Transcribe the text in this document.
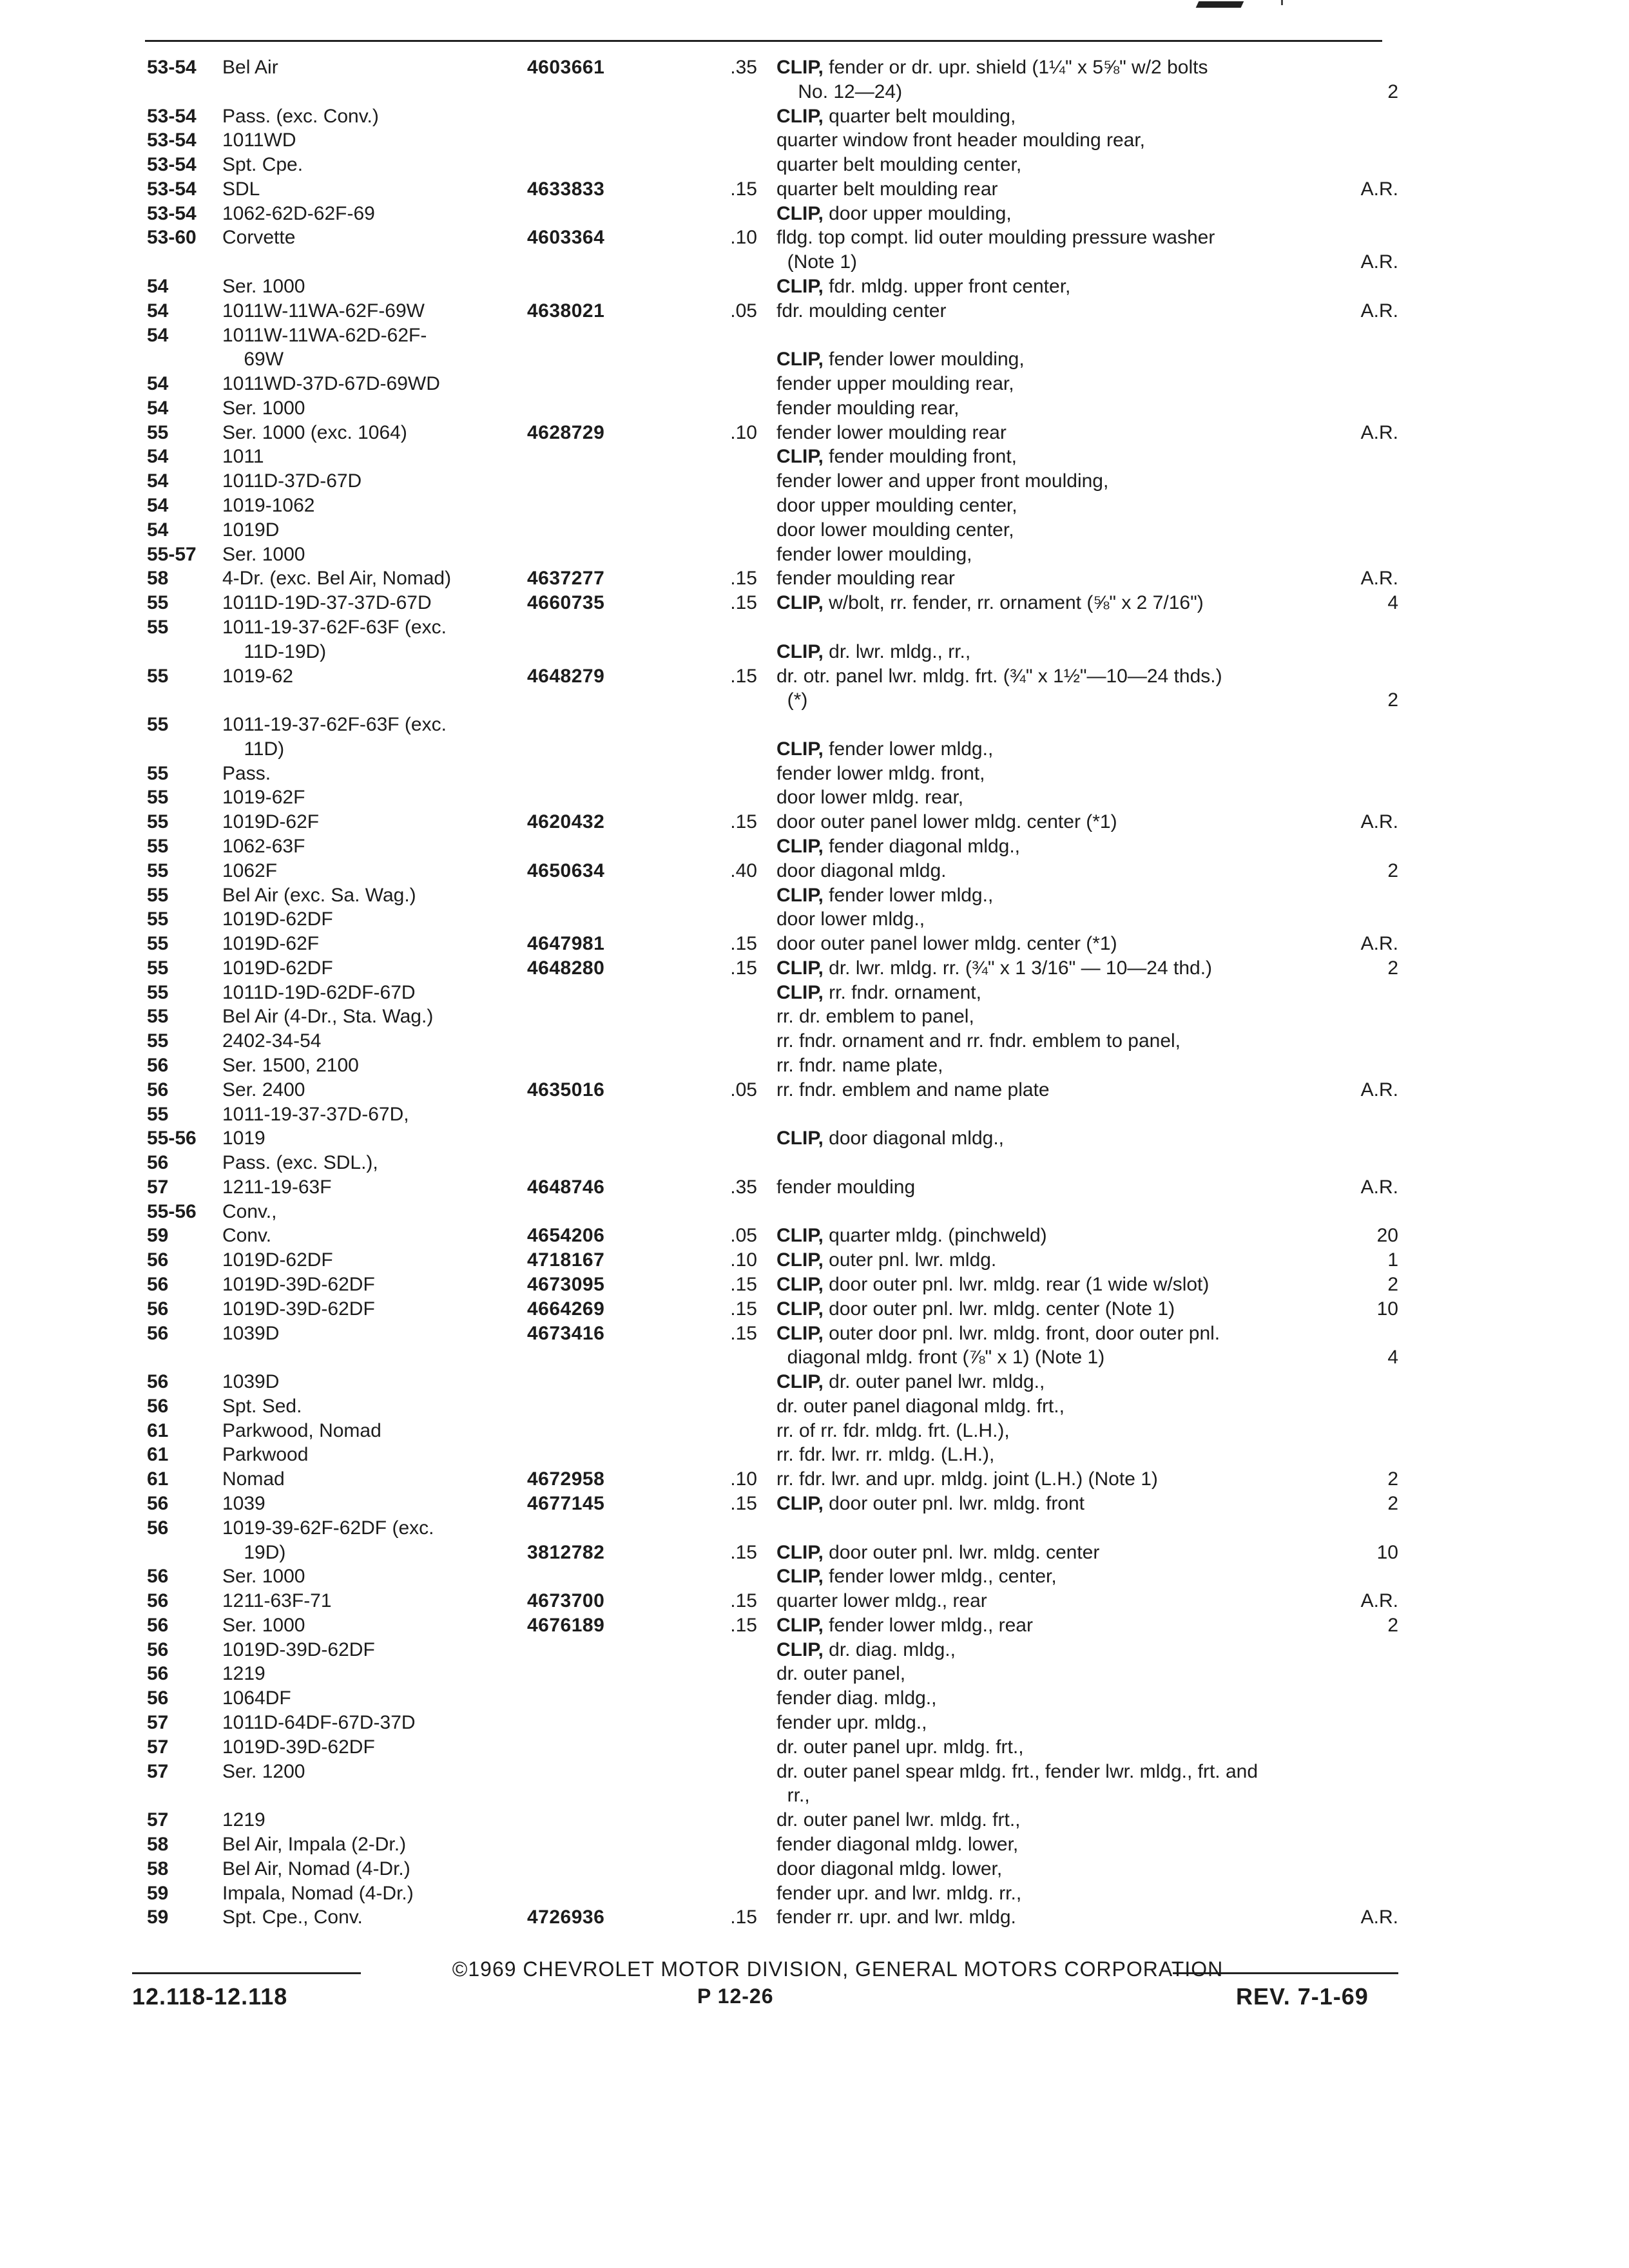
53-54	Bel Air	4603661	.35 CLIP, fender or dr. upr. shield (1¼" x 5⅝" w/2 bolts
No. 12—24)	2
53-54	Pass. (exc. Conv.)	CLIP, quarter belt moulding,
53-54	1011WD	quarter window front header moulding rear,
53-54	Spt. Cpe.	quarter belt moulding center,
53-54	SDL	4633833	.15 quarter belt moulding rear	A.R.
53-54	1062-62D-62F-69	CLIP, door upper moulding,
53-60	Corvette	4603364	.10 fldg. top compt. lid outer moulding pressure washer
(Note 1)	A.R.
54	Ser. 1000	CLIP, fdr. mldg. upper front center,
54	1011W-11WA-62F-69W	4638021	.05 fdr. moulding center	A.R.
54	1011W-11WA-62D-62F-
69W	CLIP, fender lower moulding,
54	1011WD-37D-67D-69WD	fender upper moulding rear,
54	Ser. 1000	fender moulding rear,
55	Ser. 1000 (exc. 1064)	4628729	.10 fender lower moulding rear	A.R.
54	1011	CLIP, fender moulding front,
54	1011D-37D-67D	fender lower and upper front moulding,
54	1019-1062	door upper moulding center,
54	1019D	door lower moulding center,
55-57	Ser. 1000	fender lower moulding,
58	4-Dr. (exc. Bel Air, Nomad)	4637277	.15 fender moulding rear	A.R.
55	1011D-19D-37-37D-67D	4660735	.15 CLIP, w/bolt, rr. fender, rr. ornament (⅝" x 2 7/16")	4
55	1011-19-37-62F-63F (exc.
11D-19D)	CLIP, dr. lwr. mldg., rr.,
55	1019-62	4648279	.15 dr. otr. panel lwr. mldg. frt. (¾" x 1½"—10—24 thds.)
(*)	2
55	1011-19-37-62F-63F (exc.
11D)	CLIP, fender lower mldg.,
55	Pass.	fender lower mldg. front,
55	1019-62F	door lower mldg. rear,
55	1019D-62F	4620432	.15 door outer panel lower mldg. center (*1)	A.R.
55	1062-63F	CLIP, fender diagonal mldg.,
55	1062F	4650634	.40 door diagonal mldg.	2
55	Bel Air (exc. Sa. Wag.)	CLIP, fender lower mldg.,
55	1019D-62DF	door lower mldg.,
55	1019D-62F	4647981	.15 door outer panel lower mldg. center (*1)	A.R.
55	1019D-62DF	4648280	.15 CLIP, dr. lwr. mldg. rr. (¾" x 1 3/16" — 10—24 thd.)	2
55	1011D-19D-62DF-67D	CLIP, rr. fndr. ornament,
55	Bel Air (4-Dr., Sta. Wag.)	rr. dr. emblem to panel,
55	2402-34-54	rr. fndr. ornament and rr. fndr. emblem to panel,
56	Ser. 1500, 2100	rr. fndr. name plate,
56	Ser. 2400	4635016	.05 rr. fndr. emblem and name plate	A.R.
55	1011-19-37-37D-67D,
55-56	1019	CLIP, door diagonal mldg.,
56	Pass. (exc. SDL.),
57	1211-19-63F	4648746	.35 fender moulding	A.R.
55-56	Conv.,
59	Conv.	4654206	.05 CLIP, quarter mldg. (pinchweld)	20
56	1019D-62DF	4718167	.10 CLIP, outer pnl. lwr. mldg.	1
56	1019D-39D-62DF	4673095	.15 CLIP, door outer pnl. lwr. mldg. rear (1 wide w/slot)	2
56	1019D-39D-62DF	4664269	.15 CLIP, door outer pnl. lwr. mldg. center (Note 1)	10
56	1039D	4673416	.15 CLIP, outer door pnl. lwr. mldg. front, door outer pnl.
diagonal mldg. front (⅞" x 1) (Note 1)	4
56	1039D	CLIP, dr. outer panel lwr. mldg.,
56	Spt. Sed.	dr. outer panel diagonal mldg. frt.,
61	Parkwood, Nomad	rr. of rr. fdr. mldg. frt. (L.H.),
61	Parkwood	rr. fdr. lwr. rr. mldg. (L.H.),
61	Nomad	4672958	.10 rr. fdr. lwr. and upr. mldg. joint (L.H.) (Note 1)	2
56	1039	4677145	.15 CLIP, door outer pnl. lwr. mldg. front	2
56	1019-39-62F-62DF (exc.
19D)	3812782	.15 CLIP, door outer pnl. lwr. mldg. center	10
56	Ser. 1000	CLIP, fender lower mldg., center,
56	1211-63F-71	4673700	.15 quarter lower mldg., rear	A.R.
56	Ser. 1000	4676189	.15 CLIP, fender lower mldg., rear	2
56	1019D-39D-62DF	CLIP, dr. diag. mldg.,
56	1219	dr. outer panel,
56	1064DF	fender diag. mldg.,
57	1011D-64DF-67D-37D	fender upr. mldg.,
57	1019D-39D-62DF	dr. outer panel upr. mldg. frt.,
57	Ser. 1200	dr. outer panel spear mldg. frt., fender lwr. mldg., frt. and
rr.,
57	1219	dr. outer panel lwr. mldg. frt.,
58	Bel Air, Impala (2-Dr.)	fender diagonal mldg. lower,
58	Bel Air, Nomad (4-Dr.)	door diagonal mldg. lower,
59	Impala, Nomad (4-Dr.)	fender upr. and lwr. mldg. rr.,
59	Spt. Cpe., Conv.	4726936	.15 fender rr. upr. and lwr. mldg.	A.R.
©1969 CHEVROLET MOTOR DIVISION, GENERAL MOTORS CORPORATION
12.118-12.118	P 12-26	REV. 7-1-69
